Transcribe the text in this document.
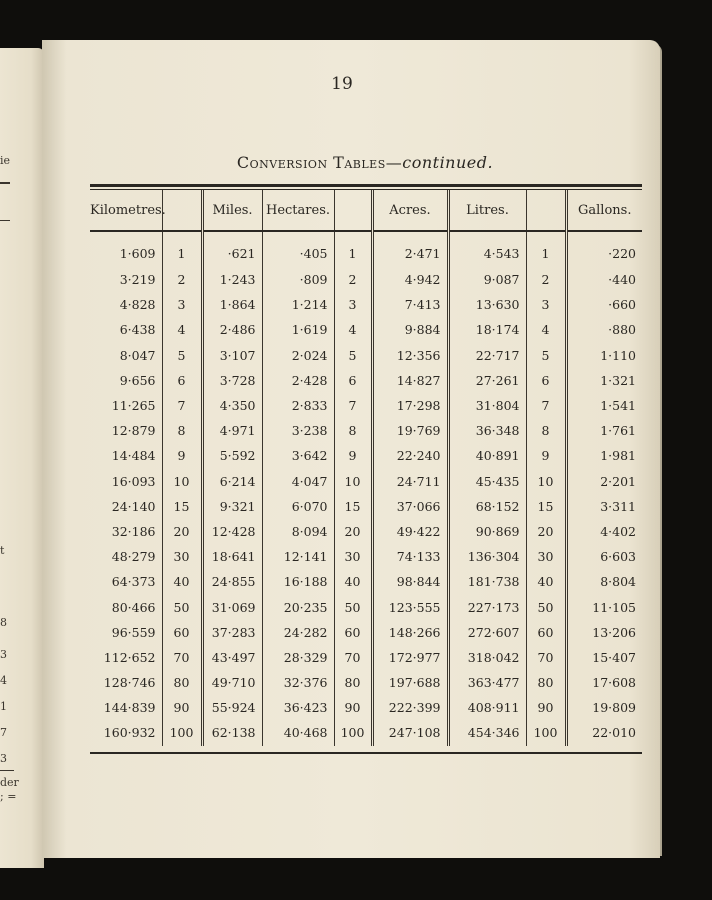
ie
t
8
3
4
1
7
3
der
; =
19
Conversion Tables—continued.
Kilometres.		Miles.	Hectares.		Acres.	Litres.		Gallons.
1·609	1	·621	·405	1	2·471	4·543	1	·220
3·219	2	1·243	·809	2	4·942	9·087	2	·440
4·828	3	1·864	1·214	3	7·413	13·630	3	·660
6·438	4	2·486	1·619	4	9·884	18·174	4	·880
8·047	5	3·107	2·024	5	12·356	22·717	5	1·110
9·656	6	3·728	2·428	6	14·827	27·261	6	1·321
11·265	7	4·350	2·833	7	17·298	31·804	7	1·541
12·879	8	4·971	3·238	8	19·769	36·348	8	1·761
14·484	9	5·592	3·642	9	22·240	40·891	9	1·981
16·093	10	6·214	4·047	10	24·711	45·435	10	2·201
24·140	15	9·321	6·070	15	37·066	68·152	15	3·311
32·186	20	12·428	8·094	20	49·422	90·869	20	4·402
48·279	30	18·641	12·141	30	74·133	136·304	30	6·603
64·373	40	24·855	16·188	40	98·844	181·738	40	8·804
80·466	50	31·069	20·235	50	123·555	227·173	50	11·105
96·559	60	37·283	24·282	60	148·266	272·607	60	13·206
112·652	70	43·497	28·329	70	172·977	318·042	70	15·407
128·746	80	49·710	32·376	80	197·688	363·477	80	17·608
144·839	90	55·924	36·423	90	222·399	408·911	90	19·809
160·932	100	62·138	40·468	100	247·108	454·346	100	22·010
